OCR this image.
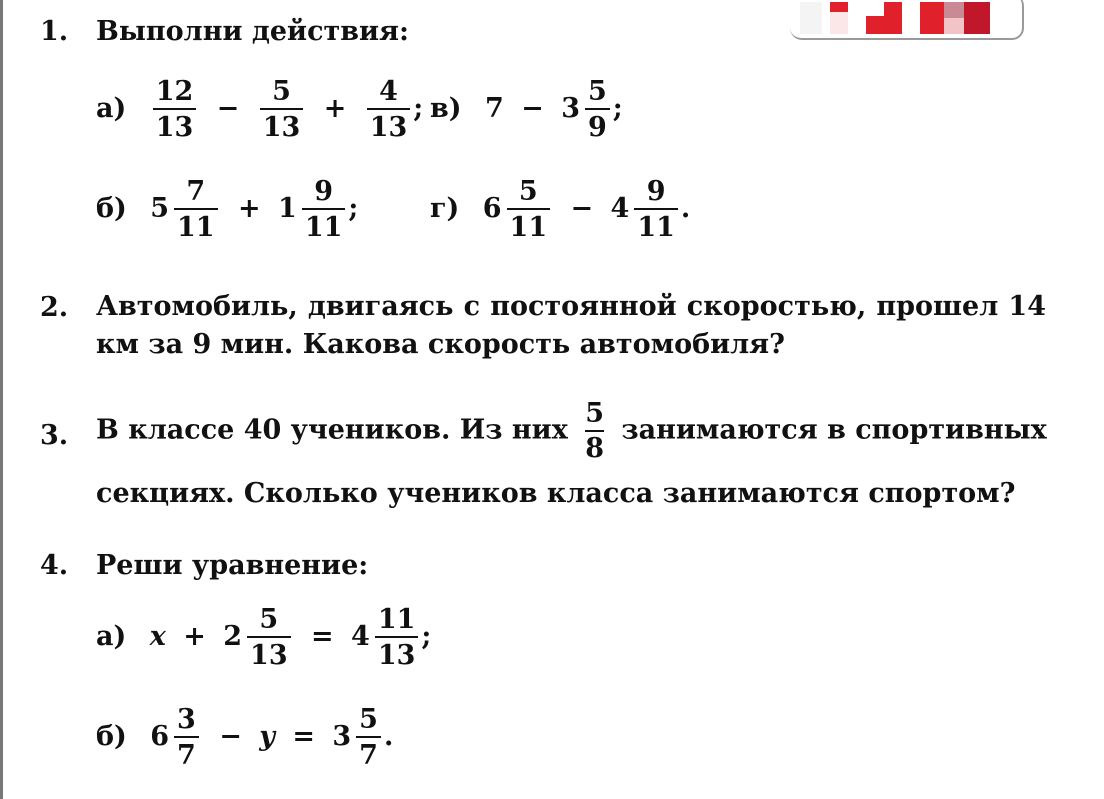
1. Выполни действия:
$а) \frac{12}{13} - \frac{5}{13} + \frac{4}{13}$ ; в) $7 - 3 \frac{5}{9}$ ;
б) $5 \frac{7}{11} + 1 \frac{9}{11}$ ;	г) $6 \frac{5}{11} - 4 \frac{9}{11}$ .
2. Автомобиль, двигаясь с постоянной скоростью, прошел 14 км за 9 мин. Какова скорость автомобиля?
3. В классе 40 учеников. Из них $\frac{5}{8}$ занимаются в спортивных
секциях. Сколько учеников класса занимаются спортом?
4. Реши уравнение:
а) $x + 2 \frac{5}{13} = 4 \frac{11}{13}$ ;
б) $6 \frac{3}{7} - y = 3 \frac{5}{7}$ .
